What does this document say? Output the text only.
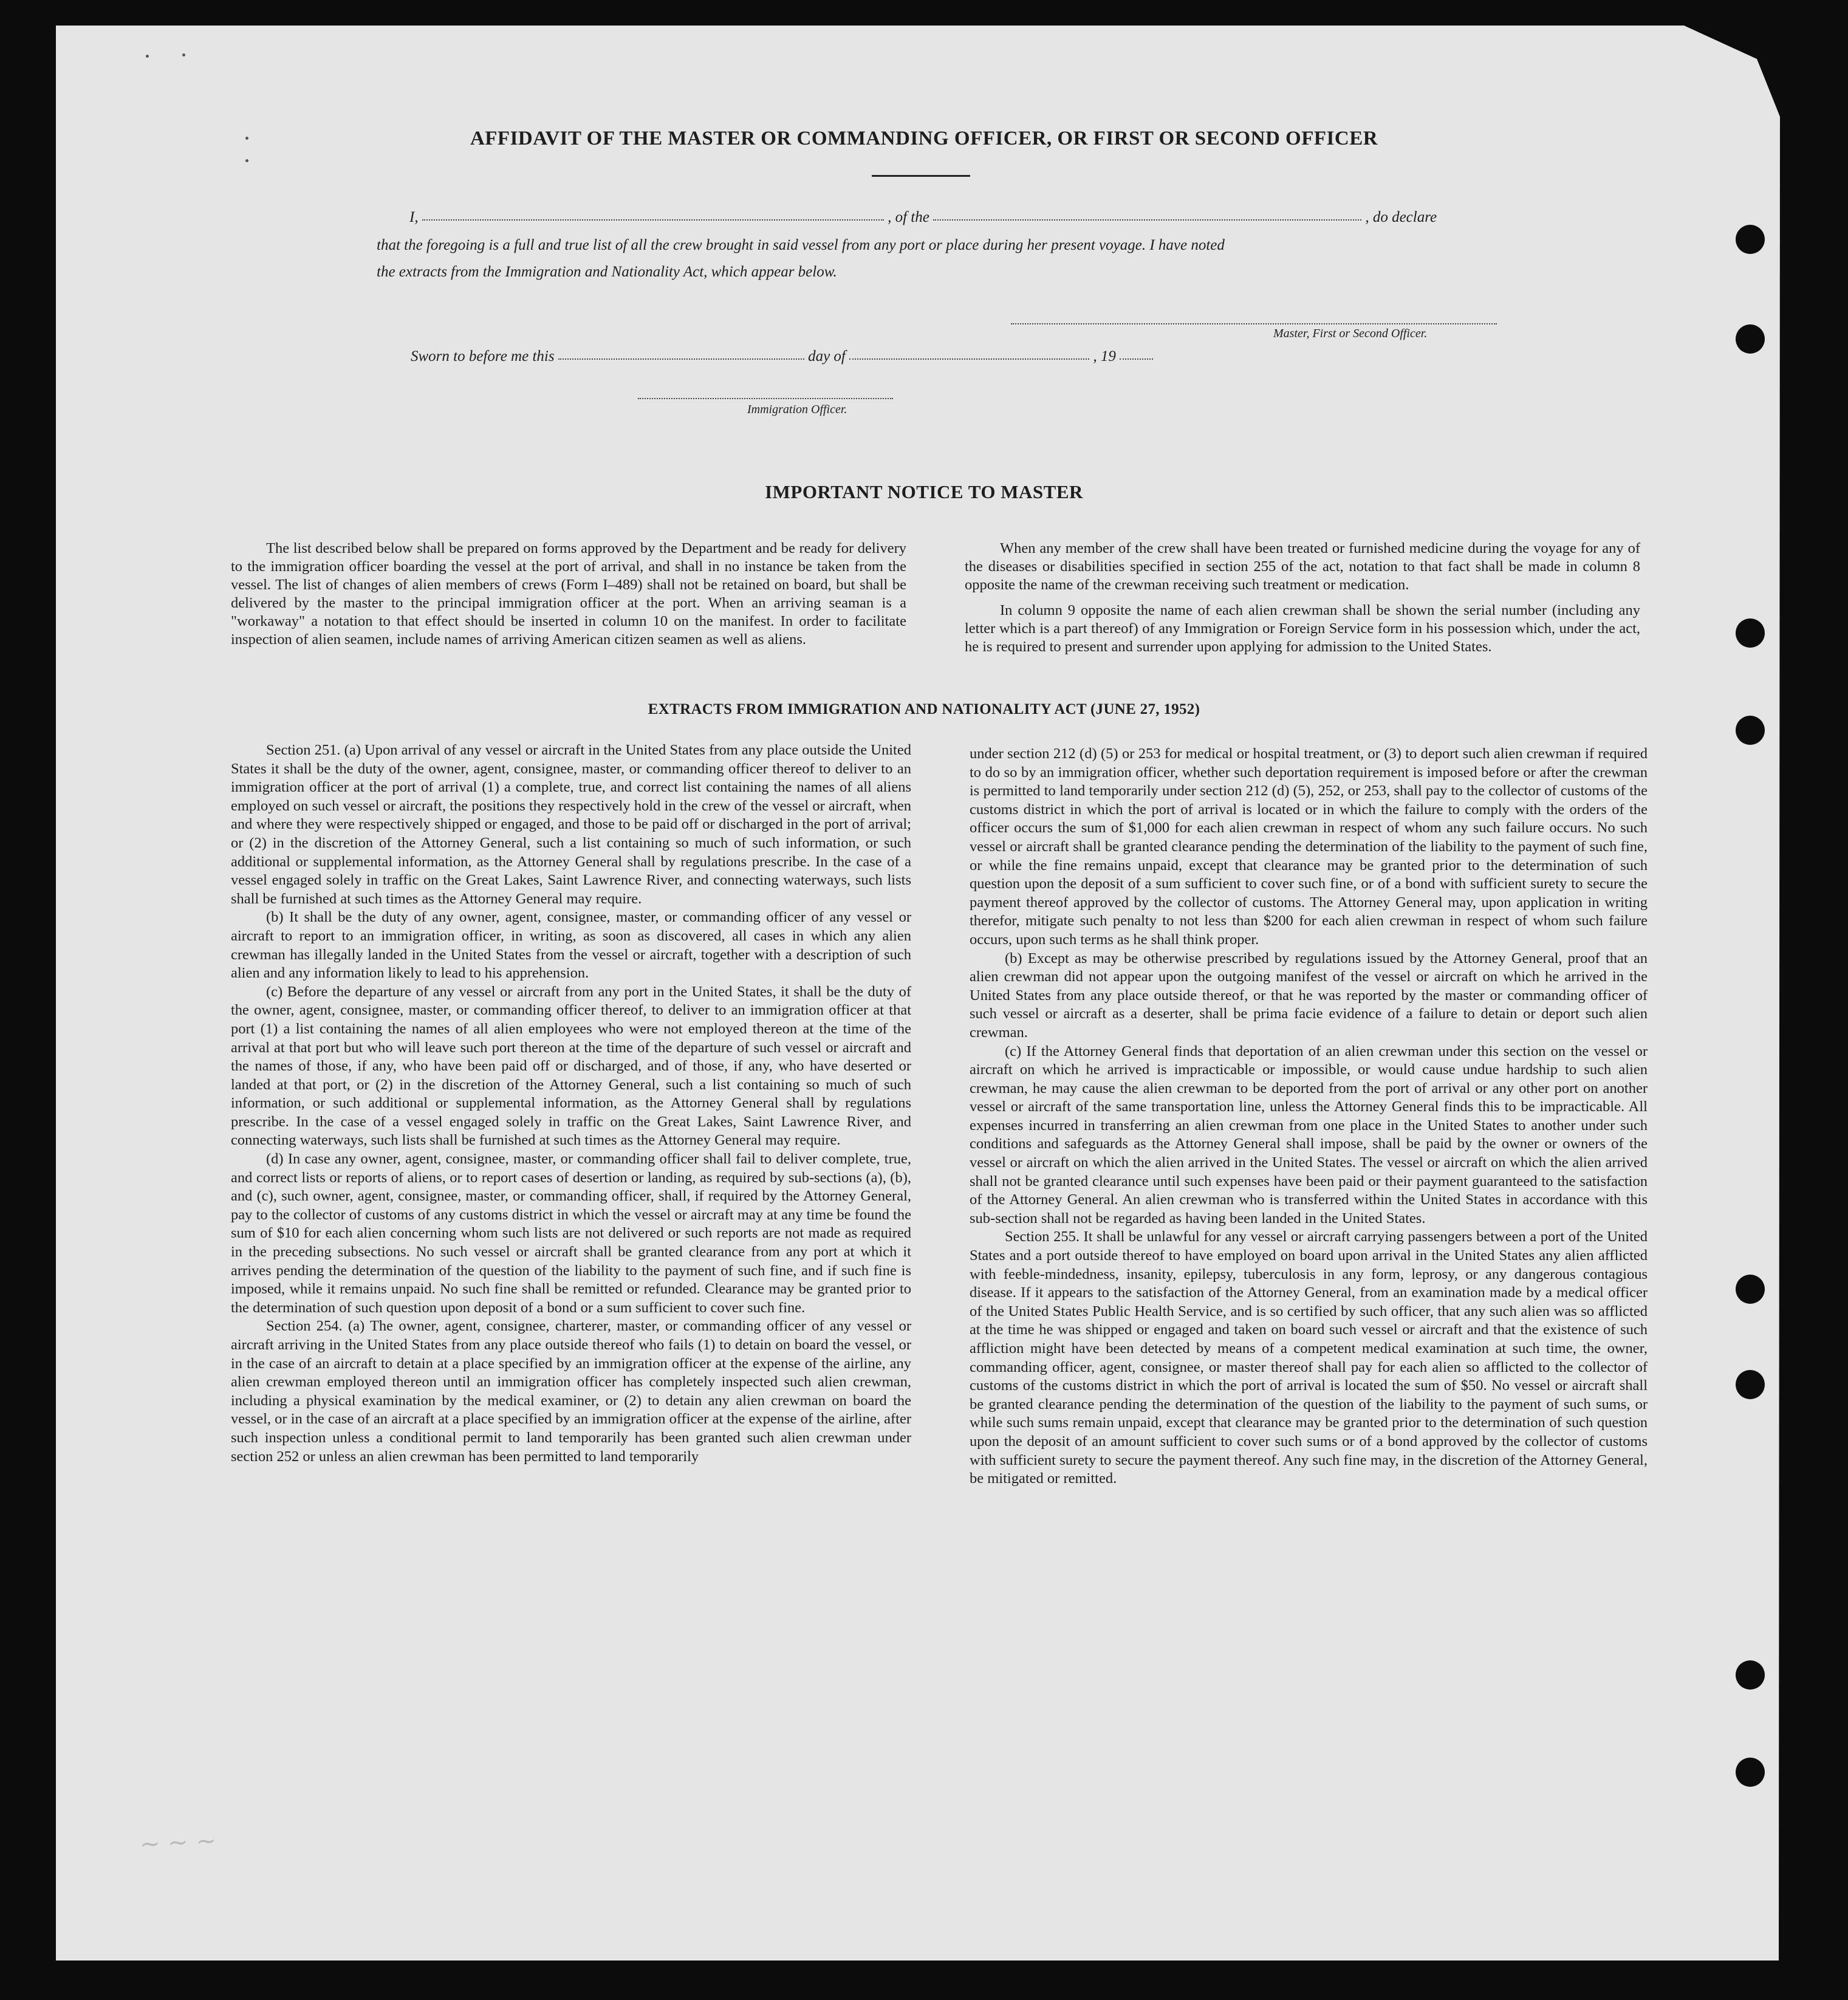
AFFIDAVIT OF THE MASTER OR COMMANDING OFFICER, OR FIRST OR SECOND OFFICER
I,	, of the	, do declare
that the foregoing is a full and true list of all the crew brought in said vessel from any port or place during her present voyage. I have noted
the extracts from the Immigration and Nationality Act, which appear below.
Master, First or Second Officer.
Sworn to before me this	day of	, 19
Immigration Officer.
IMPORTANT NOTICE TO MASTER

The list described below shall be prepared on forms approved by the Department and be ready for delivery to the immigration officer boarding the vessel at the port of arrival, and shall in no instance be taken from the vessel. The list of changes of alien members of crews (Form I–489) shall not be retained on board, but shall be delivered by the master to the principal immigration officer at the port. When an arriving seaman is a "workaway" a notation to that effect should be inserted in column 10 on the manifest. In order to facilitate inspection of alien seamen, include names of arriving American citizen seamen as well as aliens.

When any member of the crew shall have been treated or furnished medicine during the voyage for any of the diseases or disabilities specified in section 255 of the act, notation to that fact shall be made in column 8 opposite the name of the crewman receiving such treatment or medication.

In column 9 opposite the name of each alien crewman shall be shown the serial number (including any letter which is a part thereof) of any Immigration or Foreign Service form in his possession which, under the act, he is required to present and surrender upon applying for admission to the United States.

EXTRACTS FROM IMMIGRATION AND NATIONALITY ACT (JUNE 27, 1952)

Section 251. (a) Upon arrival of any vessel or aircraft in the United States from any place outside the United States it shall be the duty of the owner, agent, consignee, master, or commanding officer thereof to deliver to an immigration officer at the port of arrival (1) a complete, true, and correct list containing the names of all aliens employed on such vessel or aircraft, the positions they respectively hold in the crew of the vessel or aircraft, when and where they were respectively shipped or engaged, and those to be paid off or discharged in the port of arrival; or (2) in the discretion of the Attorney General, such a list containing so much of such information, or such additional or supplemental information, as the Attorney General shall by regulations prescribe. In the case of a vessel engaged solely in traffic on the Great Lakes, Saint Lawrence River, and connecting waterways, such lists shall be furnished at such times as the Attorney General may require.

(b) It shall be the duty of any owner, agent, consignee, master, or commanding officer of any vessel or aircraft to report to an immigration officer, in writing, as soon as discovered, all cases in which any alien crewman has illegally landed in the United States from the vessel or aircraft, together with a description of such alien and any information likely to lead to his apprehension.

(c) Before the departure of any vessel or aircraft from any port in the United States, it shall be the duty of the owner, agent, consignee, master, or commanding officer thereof, to deliver to an immigration officer at that port (1) a list containing the names of all alien employees who were not employed thereon at the time of the arrival at that port but who will leave such port thereon at the time of the departure of such vessel or aircraft and the names of those, if any, who have been paid off or discharged, and of those, if any, who have deserted or landed at that port, or (2) in the discretion of the Attorney General, such a list containing so much of such information, or such additional or supplemental information, as the Attorney General shall by regulations prescribe. In the case of a vessel engaged solely in traffic on the Great Lakes, Saint Lawrence River, and connecting waterways, such lists shall be furnished at such times as the Attorney General may require.

(d) In case any owner, agent, consignee, master, or commanding officer shall fail to deliver complete, true, and correct lists or reports of aliens, or to report cases of desertion or landing, as required by sub-sections (a), (b), and (c), such owner, agent, consignee, master, or commanding officer, shall, if required by the Attorney General, pay to the collector of customs of any customs district in which the vessel or aircraft may at any time be found the sum of $10 for each alien concerning whom such lists are not delivered or such reports are not made as required in the preceding subsections. No such vessel or aircraft shall be granted clearance from any port at which it arrives pending the determination of the question of the liability to the payment of such fine, and if such fine is imposed, while it remains unpaid. No such fine shall be remitted or refunded. Clearance may be granted prior to the determination of such question upon deposit of a bond or a sum sufficient to cover such fine.

Section 254. (a) The owner, agent, consignee, charterer, master, or commanding officer of any vessel or aircraft arriving in the United States from any place outside thereof who fails (1) to detain on board the vessel, or in the case of an aircraft to detain at a place specified by an immigration officer at the expense of the airline, any alien crewman employed thereon until an immigration officer has completely inspected such alien crewman, including a physical examination by the medical examiner, or (2) to detain any alien crewman on board the vessel, or in the case of an aircraft at a place specified by an immigration officer at the expense of the airline, after such inspection unless a conditional permit to land temporarily has been granted such alien crewman under section 252 or unless an alien crewman has been permitted to land temporarily

under section 212 (d) (5) or 253 for medical or hospital treatment, or (3) to deport such alien crewman if required to do so by an immigration officer, whether such deportation requirement is imposed before or after the crewman is permitted to land temporarily under section 212 (d) (5), 252, or 253, shall pay to the collector of customs of the customs district in which the port of arrival is located or in which the failure to comply with the orders of the officer occurs the sum of $1,000 for each alien crewman in respect of whom any such failure occurs. No such vessel or aircraft shall be granted clearance pending the determination of the liability to the payment of such fine, or while the fine remains unpaid, except that clearance may be granted prior to the determination of such question upon the deposit of a sum sufficient to cover such fine, or of a bond with sufficient surety to secure the payment thereof approved by the collector of customs. The Attorney General may, upon application in writing therefor, mitigate such penalty to not less than $200 for each alien crewman in respect of whom such failure occurs, upon such terms as he shall think proper.

(b) Except as may be otherwise prescribed by regulations issued by the Attorney General, proof that an alien crewman did not appear upon the outgoing manifest of the vessel or aircraft on which he arrived in the United States from any place outside thereof, or that he was reported by the master or commanding officer of such vessel or aircraft as a deserter, shall be prima facie evidence of a failure to detain or deport such alien crewman.

(c) If the Attorney General finds that deportation of an alien crewman under this section on the vessel or aircraft on which he arrived is impracticable or impossible, or would cause undue hardship to such alien crewman, he may cause the alien crewman to be deported from the port of arrival or any other port on another vessel or aircraft of the same transportation line, unless the Attorney General finds this to be impracticable. All expenses incurred in transferring an alien crewman from one place in the United States to another under such conditions and safeguards as the Attorney General shall impose, shall be paid by the owner or owners of the vessel or aircraft on which the alien arrived in the United States. The vessel or aircraft on which the alien arrived shall not be granted clearance until such expenses have been paid or their payment guaranteed to the satisfaction of the Attorney General. An alien crewman who is transferred within the United States in accordance with this sub-section shall not be regarded as having been landed in the United States.

Section 255. It shall be unlawful for any vessel or aircraft carrying passengers between a port of the United States and a port outside thereof to have employed on board upon arrival in the United States any alien afflicted with feeble-mindedness, insanity, epilepsy, tuberculosis in any form, leprosy, or any dangerous contagious disease. If it appears to the satisfaction of the Attorney General, from an examination made by a medical officer of the United States Public Health Service, and is so certified by such officer, that any such alien was so afflicted at the time he was shipped or engaged and taken on board such vessel or aircraft and that the existence of such affliction might have been detected by means of a competent medical examination at such time, the owner, commanding officer, agent, consignee, or master thereof shall pay for each alien so afflicted to the collector of customs of the customs district in which the port of arrival is located the sum of $50. No vessel or aircraft shall be granted clearance pending the determination of the question of the liability to the payment of such sums, or while such sums remain unpaid, except that clearance may be granted prior to the determination of such question upon the deposit of an amount sufficient to cover such sums or of a bond approved by the collector of customs with sufficient surety to secure the payment thereof. Any such fine may, in the discretion of the Attorney General, be mitigated or remitted.

~ ~ ~
